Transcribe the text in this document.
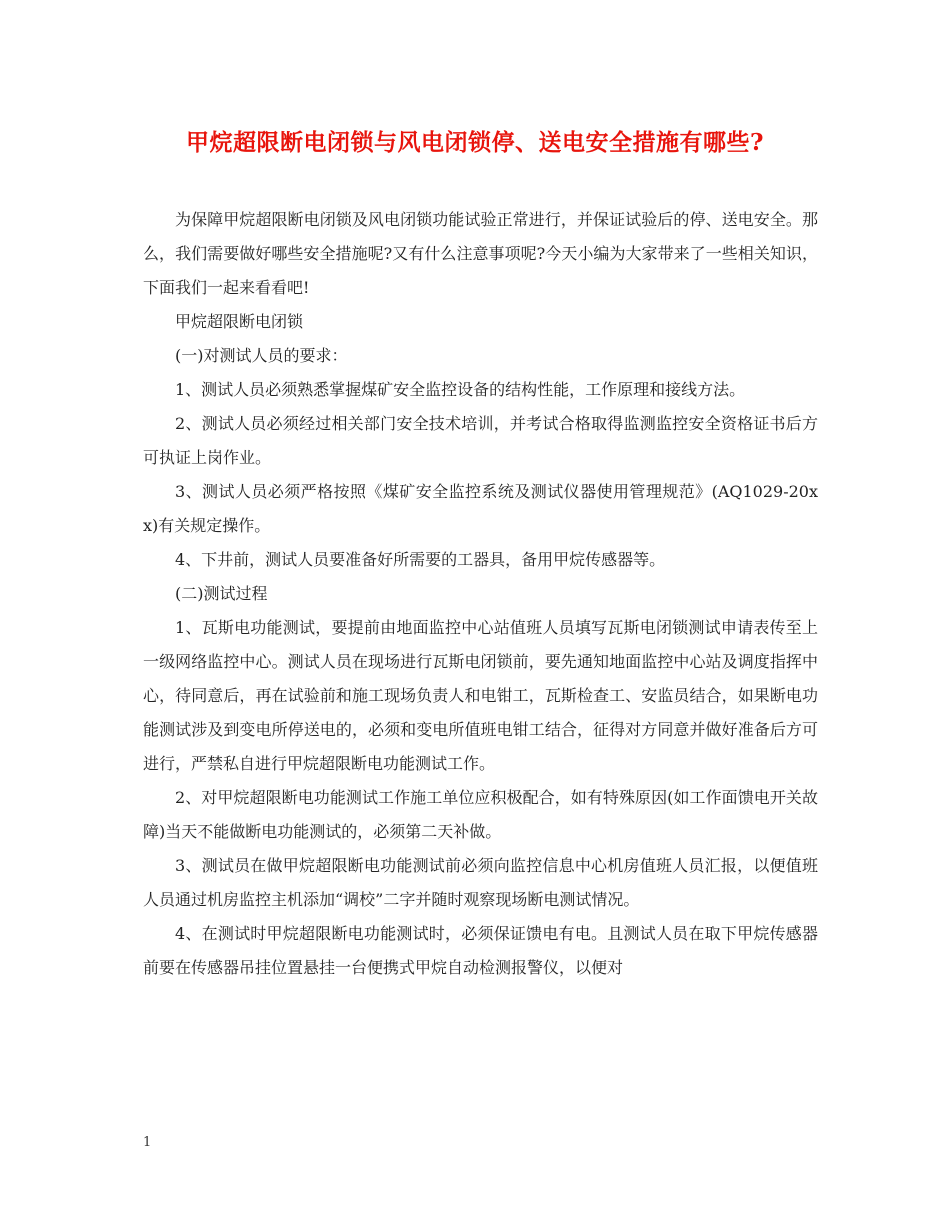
甲烷超限断电闭锁与风电闭锁停、送电安全措施有哪些?

为保障甲烷超限断电闭锁及风电闭锁功能试验正常进行，并保证试验后的停、送电安全。那么，我们需要做好哪些安全措施呢?又有什么注意事项呢?今天小编为大家带来了一些相关知识，下面我们一起来看看吧!

甲烷超限断电闭锁

(一)对测试人员的要求：

1、测试人员必须熟悉掌握煤矿安全监控设备的结构性能，工作原理和接线方法。

2、测试人员必须经过相关部门安全技术培训，并考试合格取得监测监控安全资格证书后方可执证上岗作业。

3、测试人员必须严格按照《煤矿安全监控系统及测试仪器使用管理规范》(AQ1029-20xx)有关规定操作。

4、下井前，测试人员要准备好所需要的工器具，备用甲烷传感器等。

(二)测试过程

1、瓦斯电功能测试，要提前由地面监控中心站值班人员填写瓦斯电闭锁测试申请表传至上一级网络监控中心。测试人员在现场进行瓦斯电闭锁前，要先通知地面监控中心站及调度指挥中心，待同意后，再在试验前和施工现场负责人和电钳工，瓦斯检查工、安监员结合，如果断电功能测试涉及到变电所停送电的，必须和变电所值班电钳工结合，征得对方同意并做好准备后方可进行，严禁私自进行甲烷超限断电功能测试工作。

2、对甲烷超限断电功能测试工作施工单位应积极配合，如有特殊原因(如工作面馈电开关故障)当天不能做断电功能测试的，必须第二天补做。

3、测试员在做甲烷超限断电功能测试前必须向监控信息中心机房值班人员汇报，以便值班人员通过机房监控主机添加“调校”二字并随时观察现场断电测试情况。

4、在测试时甲烷超限断电功能测试时，必须保证馈电有电。且测试人员在取下甲烷传感器前要在传感器吊挂位置悬挂一台便携式甲烷自动检测报警仪，以便对

1
